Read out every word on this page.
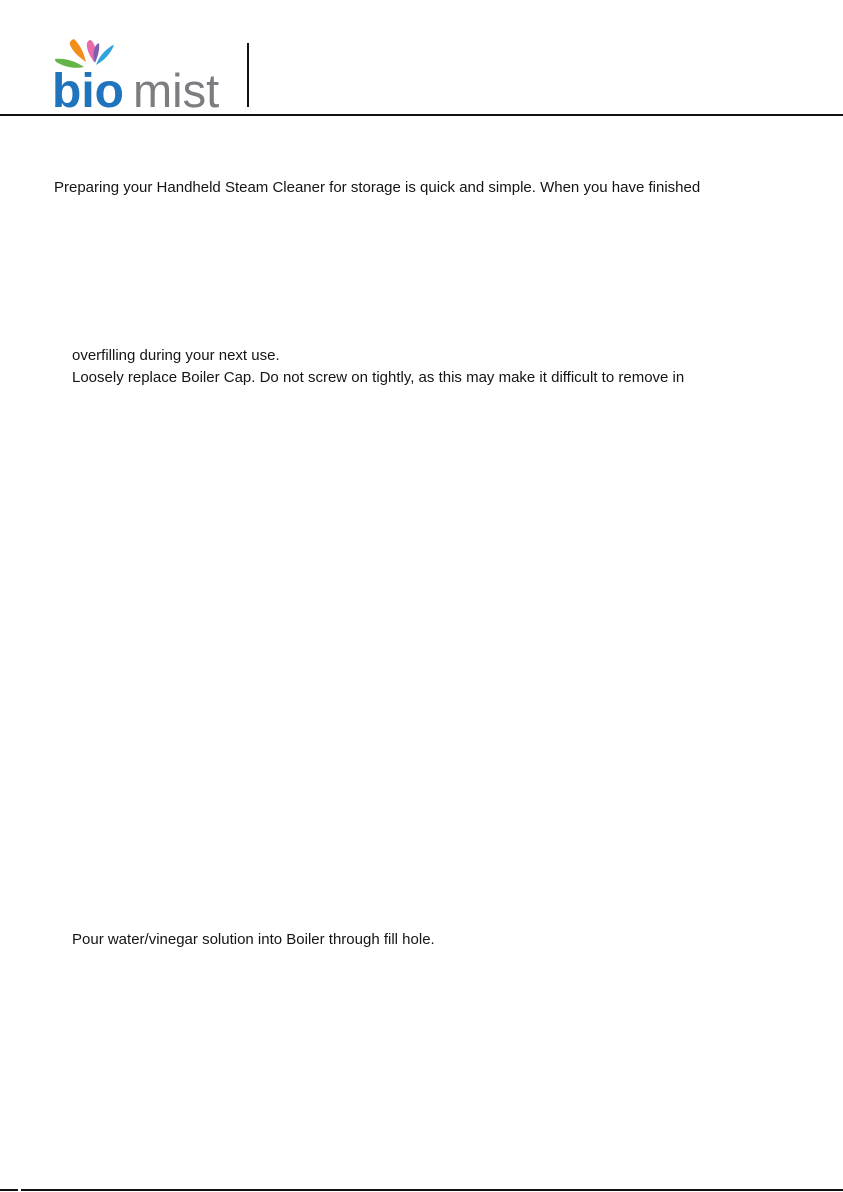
bio mist
Preparing your Handheld Steam Cleaner for storage is quick and simple. When you have finished
overfilling during your next use.
Loosely replace Boiler Cap. Do not screw on tightly, as this may make it difficult to remove in
Pour water/vinegar solution into Boiler through fill hole.
